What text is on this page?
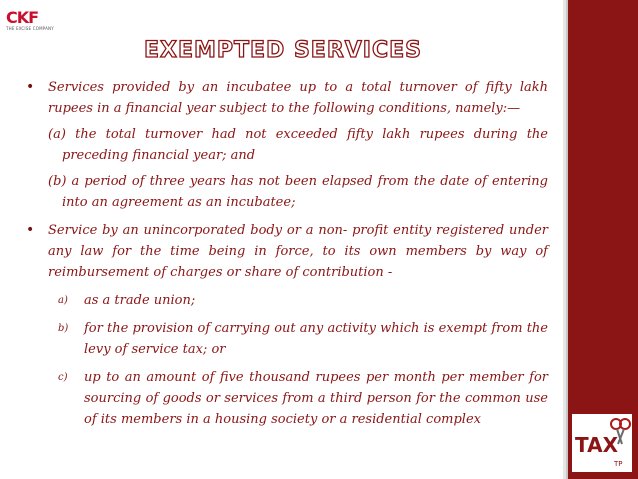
CKF
THE EXCISE COMPANY
EXEMPTED SERVICES
• Services provided by an incubatee up to a total turnover of fifty lakh rupees in a financial year subject to the following conditions, namely:—
(a) the total turnover had not exceeded fifty lakh rupees during the preceding financial year; and
(b) a period of three years has not been elapsed from the date of entering into an agreement as an incubatee;
• Service by an unincorporated body or a non- profit entity registered under any law for the time being in force, to its own members by way of reimbursement of charges or share of contribution -
a) as a trade union;
b) for the provision of carrying out any activity which is exempt from the levy of service tax; or
c) up to an amount of five thousand rupees per month per member for sourcing of goods or services from a third person for the common use of its members in a housing society or a residential complex
TAX
TP
